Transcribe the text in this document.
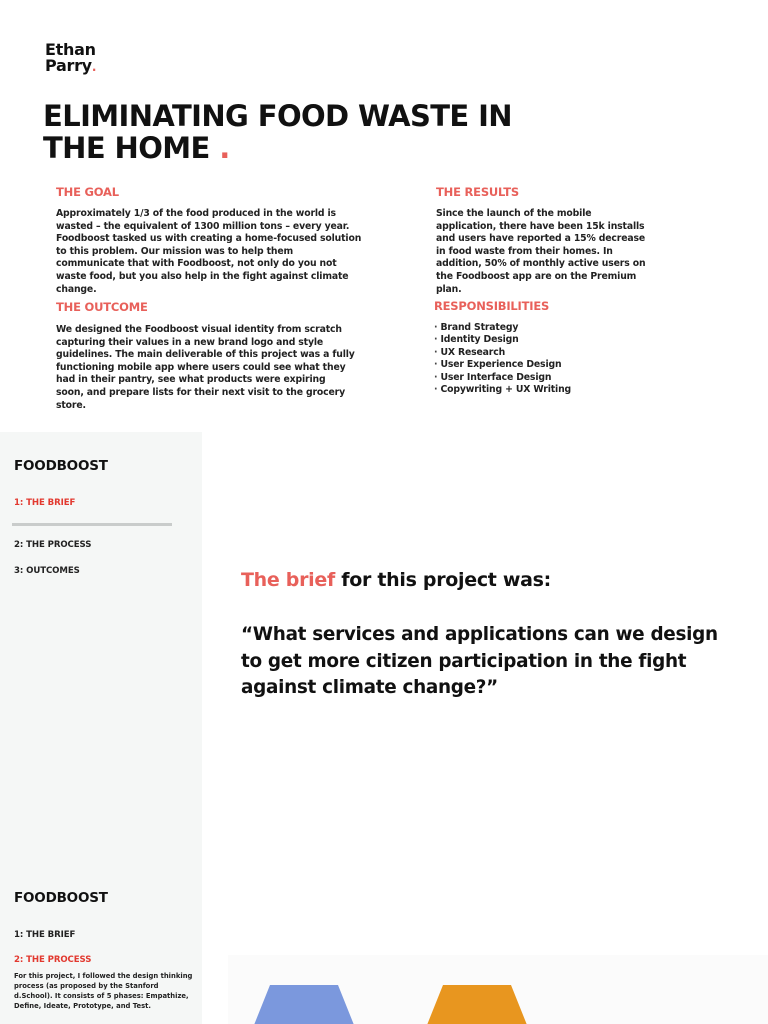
Ethan
Parry.
ELIMINATING FOOD WASTE IN
THE HOME .
THE GOAL

Approximately 1/3 of the food produced in the world is wasted – the equivalent of 1300 million tons – every year. Foodboost tasked us with creating a home-focused solution to this problem. Our mission was to help them communicate that with Foodboost, not only do you not waste food, but you also help in the fight against climate change.

THE OUTCOME

We designed the Foodboost visual identity from scratch capturing their values in a new brand logo and style guidelines. The main deliverable of this project was a fully functioning mobile app where users could see what they had in their pantry, see what products were expiring soon, and prepare lists for their next visit to the grocery store.

THE RESULTS

Since the launch of the mobile application, there have been 15k installs and users have reported a 15% decrease in food waste from their homes. In addition, 50% of monthly active users on the Foodboost app are on the Premium plan.

RESPONSIBILITIES
· Brand Strategy
· Identity Design
· UX Research
· User Experience Design
· User Interface Design
· Copywriting + UX Writing
FOODBOOST
1: THE BRIEF
2: THE PROCESS
3: OUTCOMES
FOODBOOST
1: THE BRIEF
2: THE PROCESS

For this project, I followed the design thinking process (as proposed by the Stanford d.School). It consists of 5 phases: Empathize, Define, Ideate, Prototype, and Test.

The brief for this project was:

“What services and applications can we design to get more citizen participation in the fight against climate change?”
